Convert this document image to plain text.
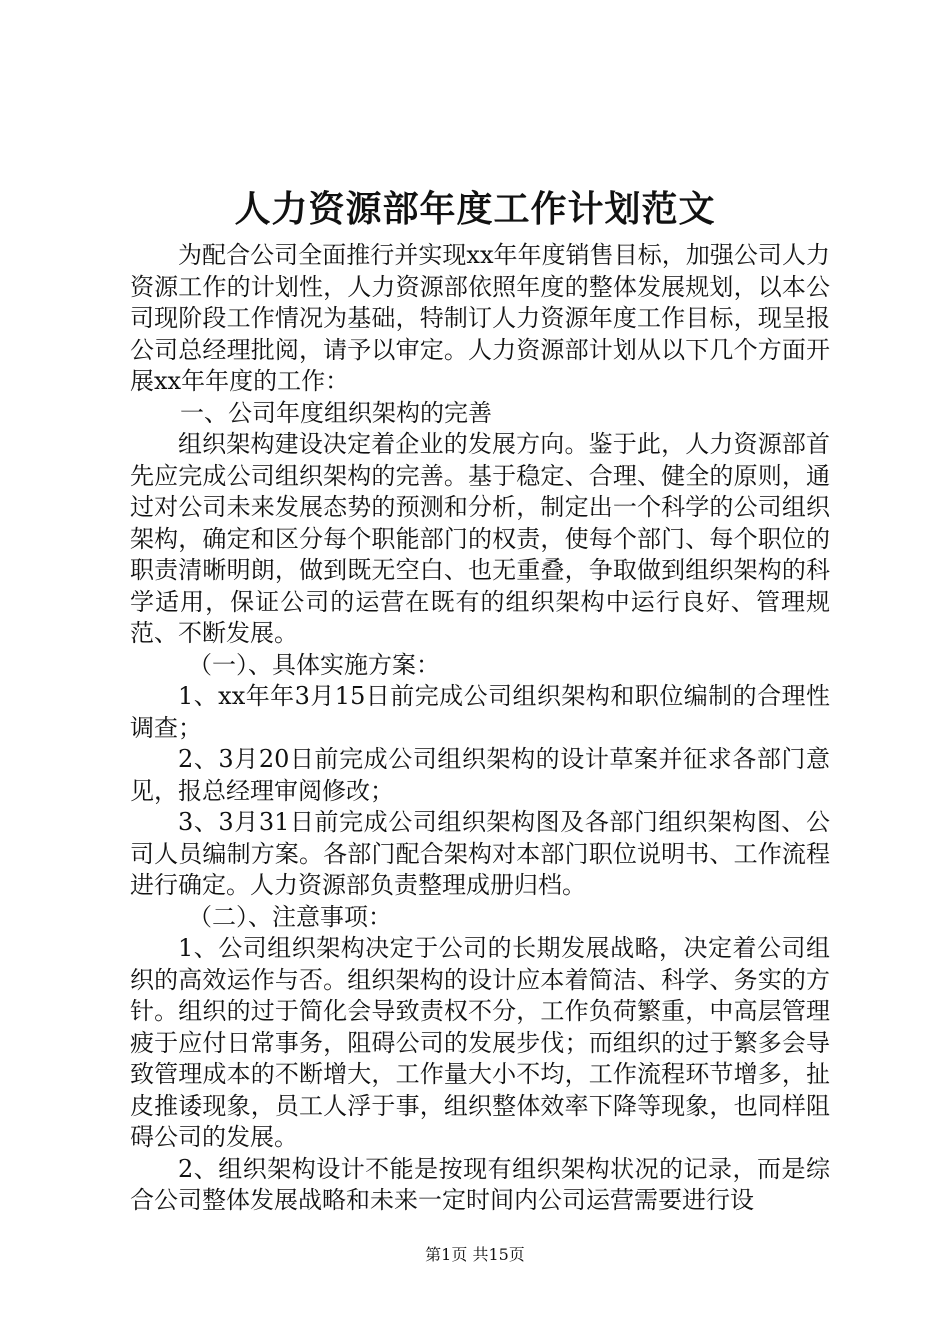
人力资源部年度工作计划范文

为配合公司全面推行并实现xx年年度销售目标，加强公司人力资源工作的计划性，人力资源部依照年度的整体发展规划，以本公司现阶段工作情况为基础，特制订人力资源年度工作目标，现呈报公司总经理批阅，请予以审定。人力资源部计划从以下几个方面开展xx年年度的工作：

一、公司年度组织架构的完善

组织架构建设决定着企业的发展方向。鉴于此，人力资源部首先应完成公司组织架构的完善。基于稳定、合理、健全的原则，通过对公司未来发展态势的预测和分析，制定出一个科学的公司组织架构，确定和区分每个职能部门的权责，使每个部门、每个职位的职责清晰明朗，做到既无空白、也无重叠，争取做到组织架构的科学适用，保证公司的运营在既有的组织架构中运行良好、管理规范、不断发展。

（一）、具体实施方案：

1、xx年年3月15日前完成公司组织架构和职位编制的合理性调查；

2、3月20日前完成公司组织架构的设计草案并征求各部门意见，报总经理审阅修改；

3、3月31日前完成公司组织架构图及各部门组织架构图、公司人员编制方案。各部门配合架构对本部门职位说明书、工作流程进行确定。人力资源部负责整理成册归档。

（二）、注意事项：

1、公司组织架构决定于公司的长期发展战略，决定着公司组织的高效运作与否。组织架构的设计应本着简洁、科学、务实的方针。组织的过于简化会导致责权不分，工作负荷繁重，中高层管理疲于应付日常事务，阻碍公司的发展步伐；而组织的过于繁多会导致管理成本的不断增大，工作量大小不均，工作流程环节增多，扯皮推诿现象，员工人浮于事，组织整体效率下降等现象，也同样阻碍公司的发展。

2、组织架构设计不能是按现有组织架构状况的记录，而是综合公司整体发展战略和未来一定时间内公司运营需要进行设

第1页 共15页
